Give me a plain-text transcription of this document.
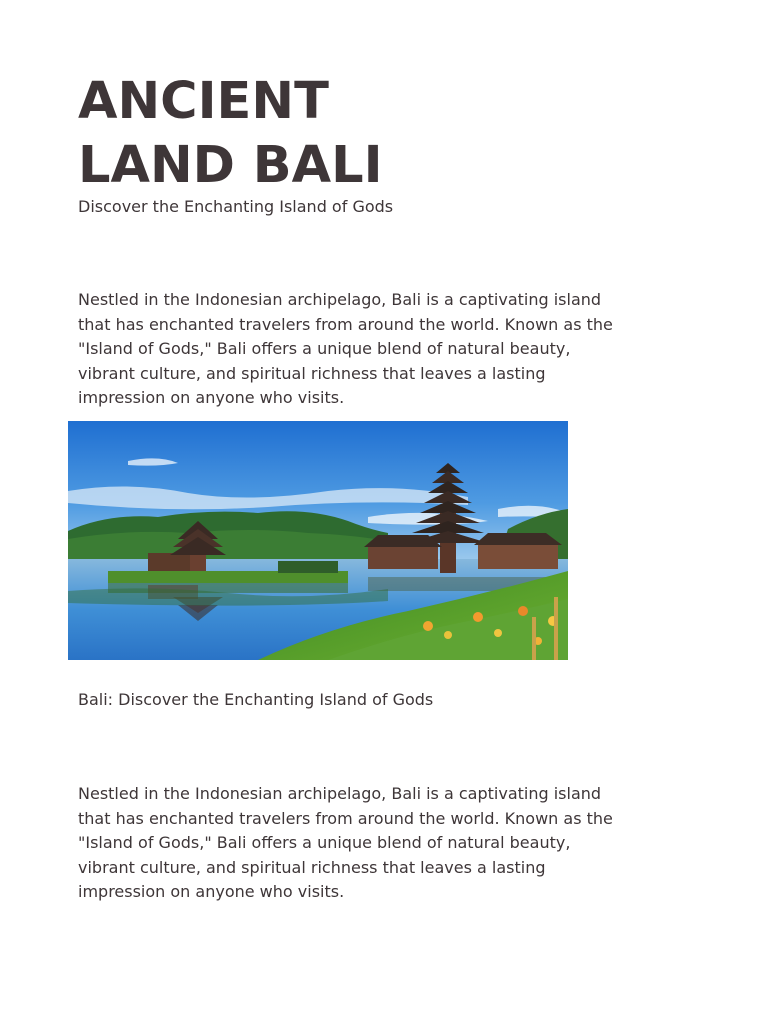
ANCIENT LAND BALI

Discover the Enchanting Island of Gods

Nestled in the Indonesian archipelago, Bali is a captivating island that has enchanted travelers from around the world. Known as the "Island of Gods," Bali offers a unique blend of natural beauty, vibrant culture, and spiritual richness that leaves a lasting impression on anyone who visits.

Bali: Discover the Enchanting Island of Gods

Nestled in the Indonesian archipelago, Bali is a captivating island that has enchanted travelers from around the world. Known as the "Island of Gods," Bali offers a unique blend of natural beauty, vibrant culture, and spiritual richness that leaves a lasting impression on anyone who visits.
